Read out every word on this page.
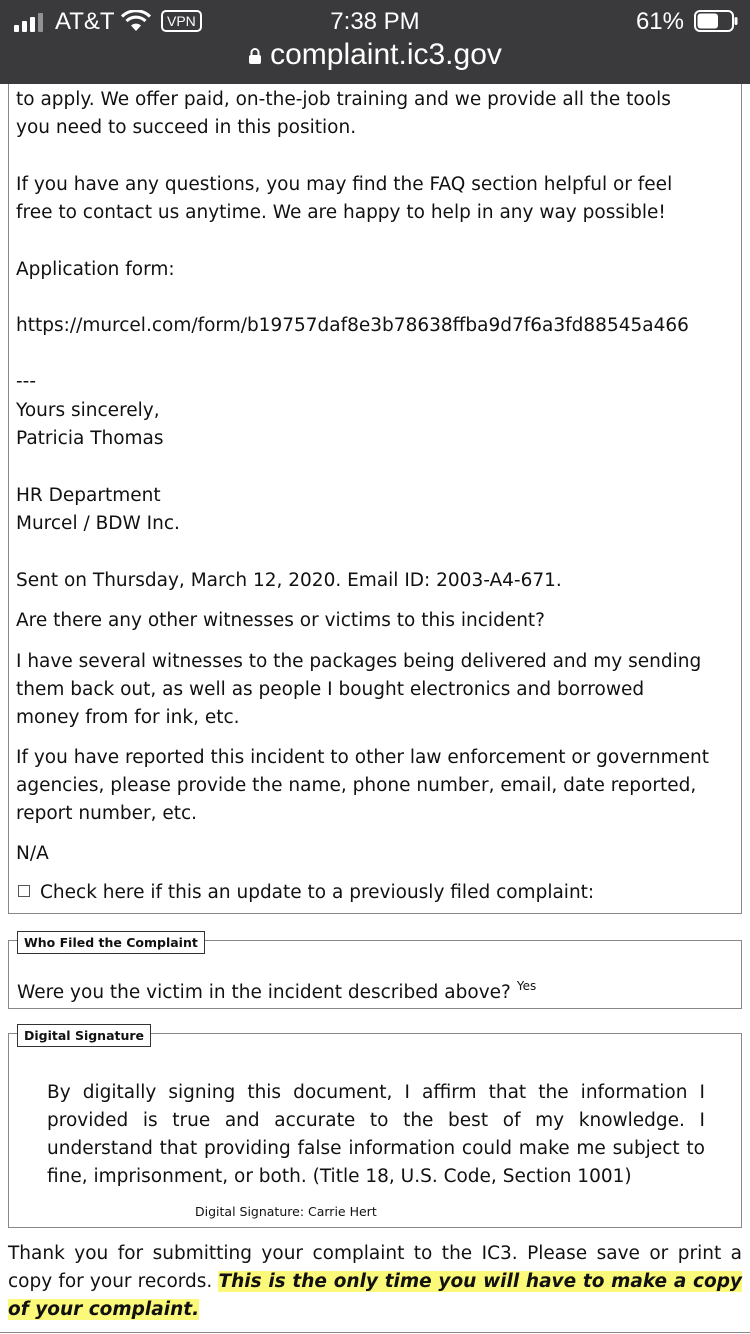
AT&T	VPN	7:38 PM	61%
complaint.ic3.gov
to apply. We offer paid, on-the-job training and we provide all the tools
you need to succeed in this position.
If you have any questions, you may find the FAQ section helpful or feel
free to contact us anytime. We are happy to help in any way possible!
Application form:
https://murcel.com/form/b19757daf8e3b78638ffba9d7f6a3fd88545a466
---
Yours sincerely,
Patricia Thomas
HR Department
Murcel / BDW Inc.
Sent on Thursday, March 12, 2020. Email ID: 2003-A4-671.
Are there any other witnesses or victims to this incident?
I have several witnesses to the packages being delivered and my sending
them back out, as well as people I bought electronics and borrowed
money from for ink, etc.
If you have reported this incident to other law enforcement or government
agencies, please provide the name, phone number, email, date reported,
report number, etc.
N/A
Check here if this an update to a previously filed complaint:
Who Filed the Complaint
Were you the victim in the incident described above? $^{Yes}$
Digital Signature
By digitally signing this document, I affirm that the information I provided is true and accurate to the best of my knowledge. I understand that providing false information could make me subject to fine, imprisonment, or both. (Title 18, U.S. Code, Section 1001)
Digital Signature: Carrie Hert
Thank you for submitting your complaint to the IC3. Please save or print a copy for your records. This is the only time you will have to make a copy of your complaint.
